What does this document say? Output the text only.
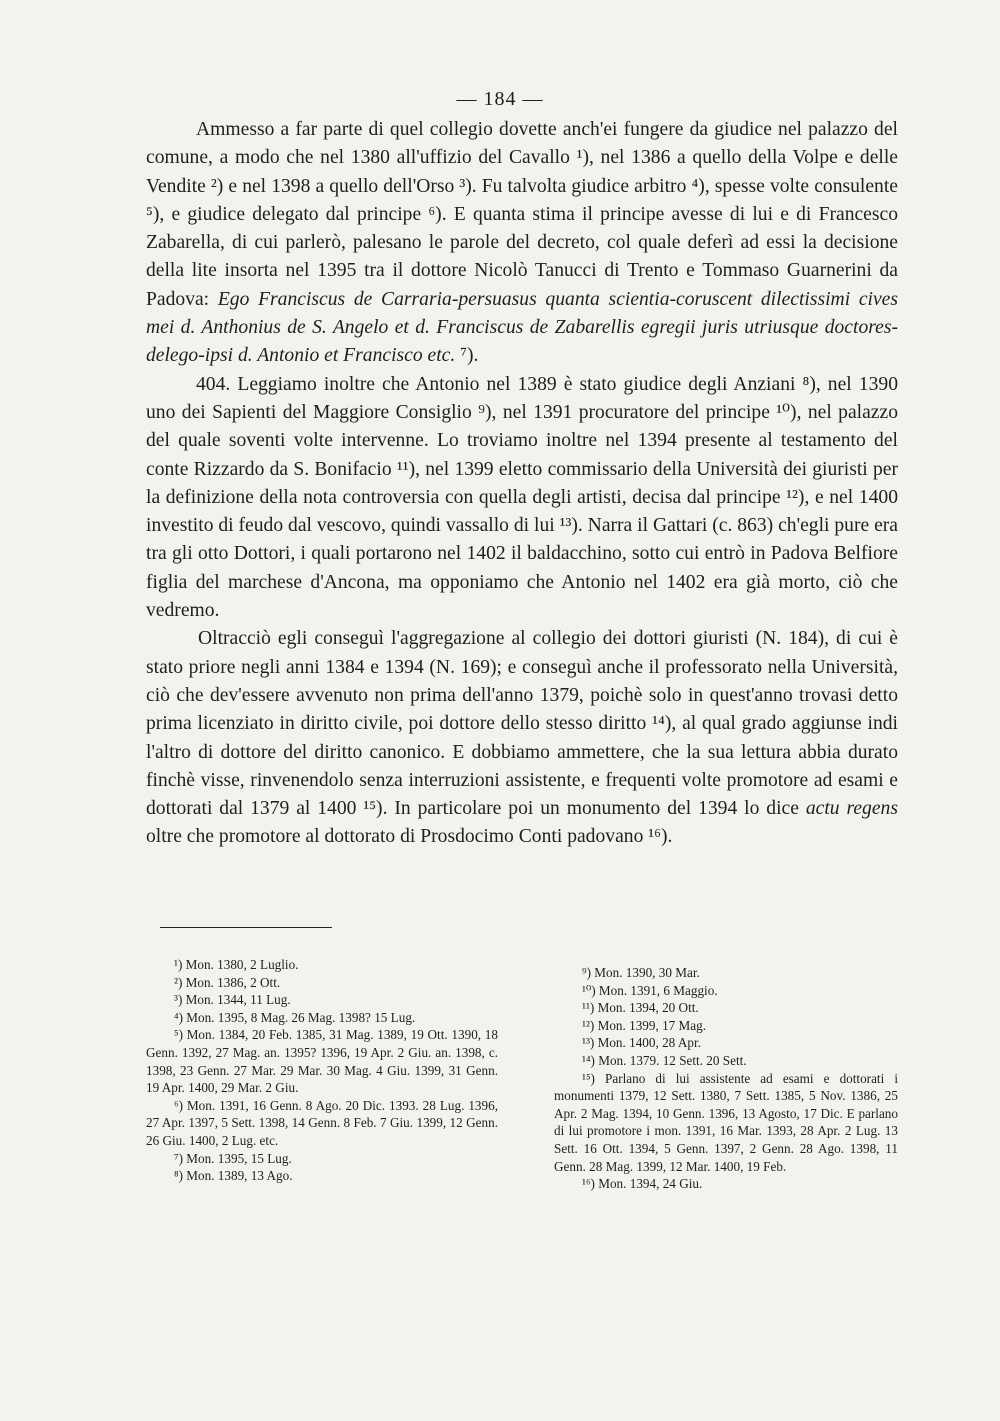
— 184 —

Ammesso a far parte di quel collegio dovette anch'ei fungere da giudice nel palazzo del comune, a modo che nel 1380 all'uffizio del Cavallo ¹), nel 1386 a quello della Volpe e delle Vendite ²) e nel 1398 a quello dell'Orso ³). Fu talvolta giudice arbitro ⁴), spesse volte consulente ⁵), e giudice delegato dal principe ⁶). E quanta stima il principe avesse di lui e di Francesco Zabarella, di cui parlerò, palesano le parole del decreto, col quale deferì ad essi la decisione della lite insorta nel 1395 tra il dottore Nicolò Tanucci di Trento e Tommaso Guarnerini da Padova: Ego Franciscus de Carraria-persuasus quanta scientia-coruscent dilectissimi cives mei d. Anthonius de S. Angelo et d. Franciscus de Zabarellis egregii juris utriusque doctores-delego-ipsi d. Antonio et Francisco etc. ⁷).

404. Leggiamo inoltre che Antonio nel 1389 è stato giudice degli Anziani ⁸), nel 1390 uno dei Sapienti del Maggiore Consiglio ⁹), nel 1391 procuratore del principe ¹⁰), nel palazzo del quale soventi volte intervenne. Lo troviamo inoltre nel 1394 presente al testamento del conte Rizzardo da S. Bonifacio ¹¹), nel 1399 eletto commissario della Università dei giuristi per la definizione della nota controversia con quella degli artisti, decisa dal principe ¹²), e nel 1400 investito di feudo dal vescovo, quindi vassallo di lui ¹³). Narra il Gattari (c. 863) ch'egli pure era tra gli otto Dottori, i quali portarono nel 1402 il baldacchino, sotto cui entrò in Padova Belfiore figlia del marchese d'Ancona, ma opponiamo che Antonio nel 1402 era già morto, ciò che vedremo.

Oltracciò egli conseguì l'aggregazione al collegio dei dottori giuristi (N. 184), di cui è stato priore negli anni 1384 e 1394 (N. 169); e conseguì anche il professorato nella Università, ciò che dev'essere avvenuto non prima dell'anno 1379, poichè solo in quest'anno trovasi detto prima licenziato in diritto civile, poi dottore dello stesso diritto ¹⁴), al qual grado aggiunse indi l'altro di dottore del diritto canonico. E dobbiamo ammettere, che la sua lettura abbia durato finchè visse, rinvenendolo senza interruzioni assistente, e frequenti volte promotore ad esami e dottorati dal 1379 al 1400 ¹⁵). In particolare poi un monumento del 1394 lo dice actu regens oltre che promotore al dottorato di Prosdocimo Conti padovano ¹⁶).

¹) Mon. 1380, 2 Luglio.
²) Mon. 1386, 2 Ott.
³) Mon. 1344, 11 Lug.
⁴) Mon. 1395, 8 Mag. 26 Mag. 1398? 15 Lug.
⁵) Mon. 1384, 20 Feb. 1385, 31 Mag. 1389, 19 Ott. 1390, 18 Genn. 1392, 27 Mag. an. 1395? 1396, 19 Apr. 2 Giu. an. 1398, c. 1398, 23 Genn. 27 Mar. 29 Mar. 30 Mag. 4 Giu. 1399, 31 Genn. 19 Apr. 1400, 29 Mar. 2 Giu.
⁶) Mon. 1391, 16 Genn. 8 Ago. 20 Dic. 1393. 28 Lug. 1396, 27 Apr. 1397, 5 Sett. 1398, 14 Genn. 8 Feb. 7 Giu. 1399, 12 Genn. 26 Giu. 1400, 2 Lug. etc.
⁷) Mon. 1395, 15 Lug.
⁸) Mon. 1389, 13 Ago.
⁹) Mon. 1390, 30 Mar.
¹⁰) Mon. 1391, 6 Maggio.
¹¹) Mon. 1394, 20 Ott.
¹²) Mon. 1399, 17 Mag.
¹³) Mon. 1400, 28 Apr.
¹⁴) Mon. 1379. 12 Sett. 20 Sett.
¹⁵) Parlano di lui assistente ad esami e dottorati i monumenti 1379, 12 Sett. 1380, 7 Sett. 1385, 5 Nov. 1386, 25 Apr. 2 Mag. 1394, 10 Genn. 1396, 13 Agosto, 17 Dic. E parlano di lui promotore i mon. 1391, 16 Mar. 1393, 28 Apr. 2 Lug. 13 Sett. 16 Ott. 1394, 5 Genn. 1397, 2 Genn. 28 Ago. 1398, 11 Genn. 28 Mag. 1399, 12 Mar. 1400, 19 Feb.
¹⁶) Mon. 1394, 24 Giu.
